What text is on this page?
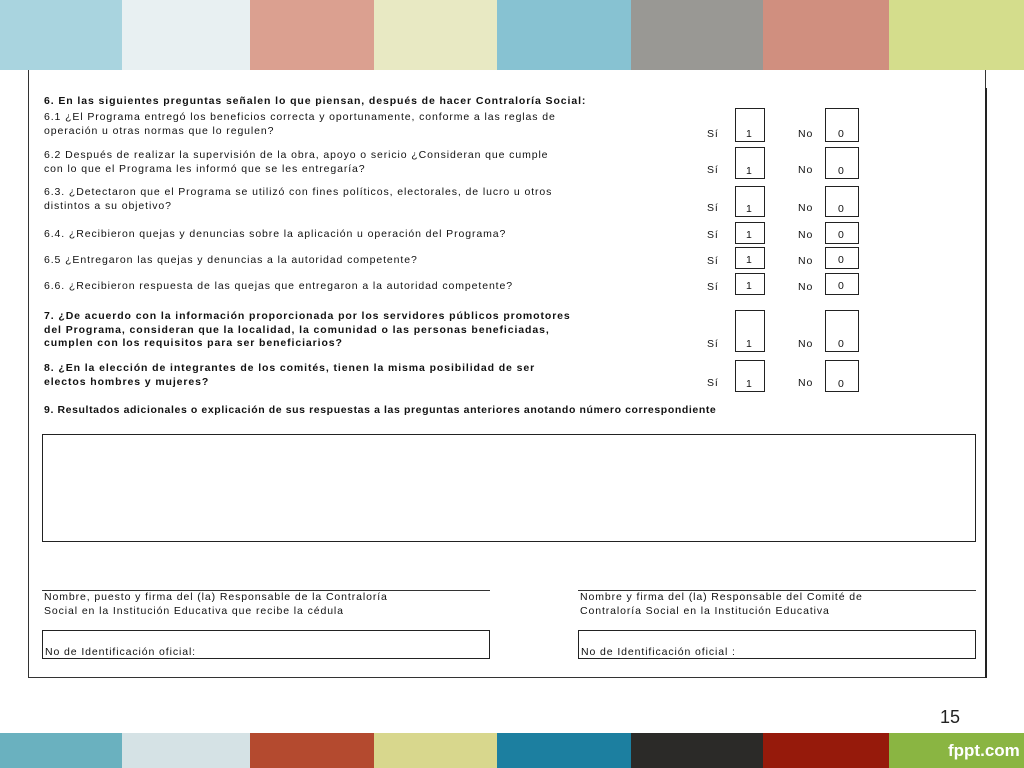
6. En las siguientes preguntas señalen lo que piensan, después de hacer Contraloría Social:
6.1 ¿El Programa entregó los beneficios correcta y oportunamente, conforme a las reglas de
operación u otras normas que lo regulen?	Sí	1	No 0
6.2 Después de realizar la supervisión de la obra, apoyo o sericio ¿Consideran que cumple
con lo que el Programa les informó que se les entregaría?	Sí	1	No 0
6.3. ¿Detectaron que el Programa se utilizó con fines políticos, electorales, de lucro u otros
distintos a su objetivo?	Sí	1	No 0
6.4. ¿Recibieron quejas y denuncias sobre la aplicación u operación del Programa?	Sí	1	No 0
6.5 ¿Entregaron las quejas y denuncias a la autoridad competente?	Sí	1	No 0
6.6. ¿Recibieron respuesta de las quejas que entregaron a la autoridad competente?	Sí	1	No 0
7. ¿De acuerdo con la información proporcionada por los servidores públicos promotores
del Programa, consideran que la localidad, la comunidad o las personas beneficiadas,
cumplen con los requisitos para ser beneficiarios?	Sí	1	No 0
8. ¿En la elección de integrantes de los comités, tienen la misma posibilidad de ser
electos hombres y mujeres?	Sí	1	No 0
9. Resultados adicionales o explicación de sus respuestas a las preguntas anteriores anotando número correspondiente
Nombre, puesto y firma del (la) Responsable de la Contraloría
Social en la Institución Educativa que recibe la cédula
Nombre y firma del (la) Responsable del Comité de
Contraloría Social en la Institución Educativa
No de Identificación oficial:	No de Identificación oficial :
15
fppt.com
